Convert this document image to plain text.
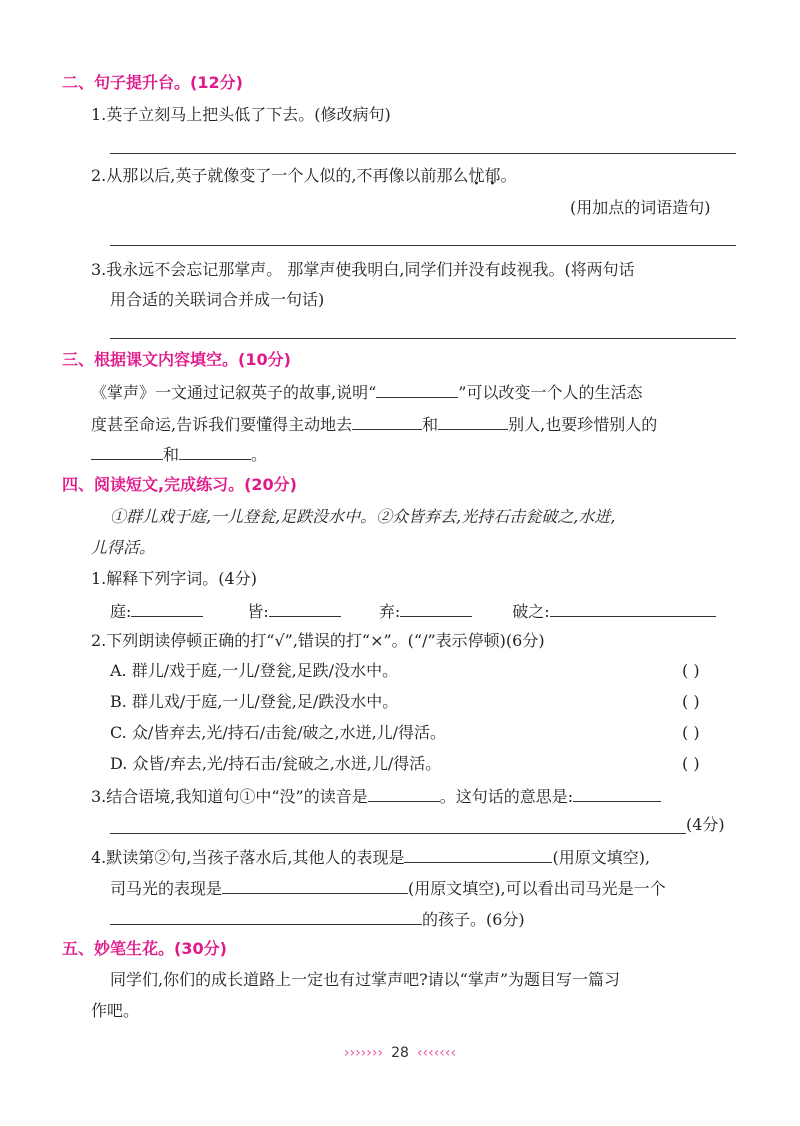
二、句子提升台。(12分)
1.英子立刻马上把头低了下去。(修改病句)
2.从那以后,英子就像变了一个人似的,不再像以前那么忧郁。
(用加点的词语造句)
3.我永远不会忘记那掌声。 那掌声使我明白,同学们并没有歧视我。(将两句话
用合适的关联词合并成一句话)
三、根据课文内容填空。(10分)
《掌声》一文通过记叙英子的故事,说明“	”可以改变一个人的生活态
度甚至命运,告诉我们要懂得主动地去	和	别人,也要珍惜别人的
和	。
四、阅读短文,完成练习。(20分)
①群儿戏于庭,一儿登瓮,足跌没水中。②众皆弃去,光持石击瓮破之,水迸,
儿得活。
1.解释下列字词。(4分)
庭:	皆:	弃:	破之:
2.下列朗读停顿正确的打“√”,错误的打“×”。(“/”表示停顿)(6分)
A. 群儿/戏于庭,一儿/登瓮,足跌/没水中。	( )
B. 群儿戏/于庭,一儿/登瓮,足/跌没水中。	( )
C. 众/皆弃去,光/持石/击瓮/破之,水迸,儿/得活。	( )
D. 众皆/弃去,光/持石击/瓮破之,水迸,儿/得活。	( )
3.结合语境,我知道句①中“没”的读音是	。这句话的意思是:
(4分)
4.默读第②句,当孩子落水后,其他人的表现是	(用原文填空),
司马光的表现是	(用原文填空),可以看出司马光是一个
的孩子。(6分)
五、妙笔生花。(30分)
同学们,你们的成长道路上一定也有过掌声吧?请以“掌声”为题目写一篇习
作吧。
››››››› 28 ‹‹‹‹‹‹‹
